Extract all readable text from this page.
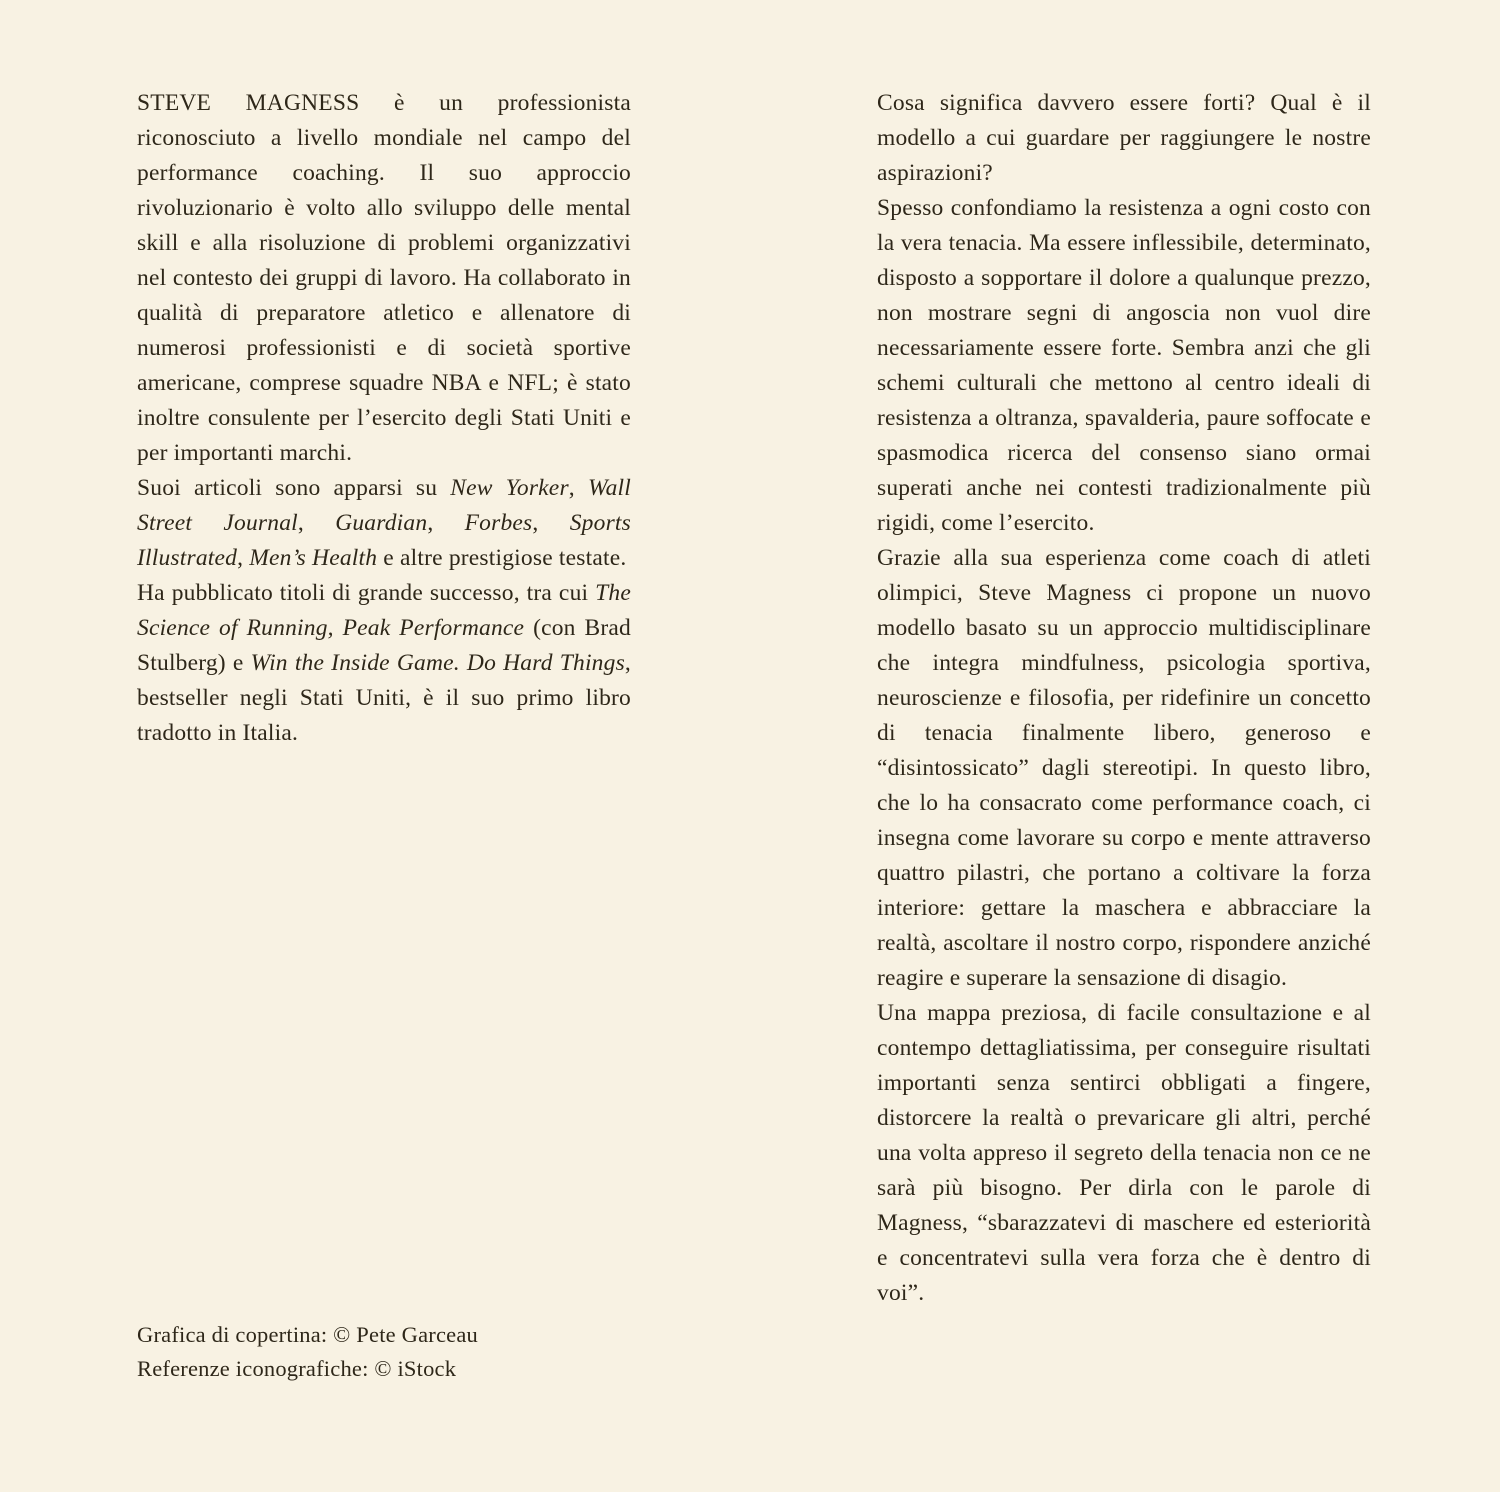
STEVE MAGNESS è un professionista riconosciuto a livello mondiale nel campo del performance coaching. Il suo approccio rivoluzionario è volto allo sviluppo delle mental skill e alla risoluzione di problemi organizzativi nel contesto dei gruppi di lavoro. Ha collaborato in qualità di preparatore atletico e allenatore di numerosi professionisti e di società sportive americane, comprese squadre NBA e NFL; è stato inoltre consulente per l’esercito degli Stati Uniti e per importanti marchi.

Suoi articoli sono apparsi su New Yorker, Wall Street Journal, Guardian, Forbes, Sports Illustrated, Men’s Health e altre prestigiose testate.

Ha pubblicato titoli di grande successo, tra cui The Science of Running, Peak Performance (con Brad Stulberg) e Win the Inside Game. Do Hard Things, bestseller negli Stati Uniti, è il suo primo libro tradotto in Italia.

Grafica di copertina: © Pete Garceau

Referenze iconografiche: © iStock

Cosa significa davvero essere forti? Qual è il modello a cui guardare per raggiungere le nostre aspirazioni?

Spesso confondiamo la resistenza a ogni costo con la vera tenacia. Ma essere inflessibile, determinato, disposto a sopportare il dolore a qualunque prezzo, non mostrare segni di angoscia non vuol dire necessariamente essere forte. Sembra anzi che gli schemi culturali che mettono al centro ideali di resistenza a oltranza, spavalderia, paure soffocate e spasmodica ricerca del consenso siano ormai superati anche nei contesti tradizionalmente più rigidi, come l’esercito.

Grazie alla sua esperienza come coach di atleti olimpici, Steve Magness ci propone un nuovo modello basato su un approccio multidisciplinare che integra mindfulness, psicologia sportiva, neuroscienze e filosofia, per ridefinire un concetto di tenacia finalmente libero, generoso e “disintossicato” dagli stereotipi. In questo libro, che lo ha consacrato come performance coach, ci insegna come lavorare su corpo e mente attraverso quattro pilastri, che portano a coltivare la forza interiore: gettare la maschera e abbracciare la realtà, ascoltare il nostro corpo, rispondere anziché reagire e superare la sensazione di disagio.

Una mappa preziosa, di facile consultazione e al contempo dettagliatissima, per conseguire risultati importanti senza sentirci obbligati a fingere, distorcere la realtà o prevaricare gli altri, perché una volta appreso il segreto della tenacia non ce ne sarà più bisogno. Per dirla con le parole di Magness, “sbarazzatevi di maschere ed esteriorità e concentratevi sulla vera forza che è dentro di voi”.
